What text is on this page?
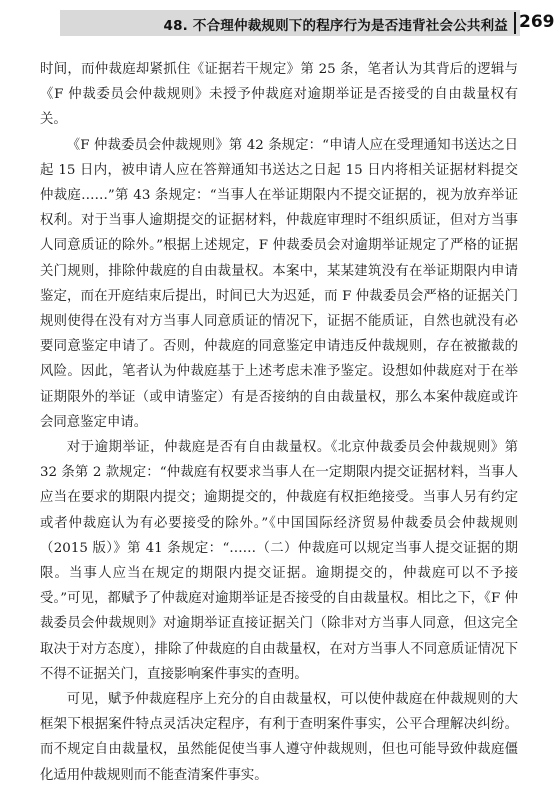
48. 不合理仲裁规则下的程序行为是否违背社会公共利益 269

时间，而仲裁庭却紧抓住《证据若干规定》第 25 条，笔者认为其背后的逻辑与《F 仲裁委员会仲裁规则》未授予仲裁庭对逾期举证是否接受的自由裁量权有关。

《F 仲裁委员会仲裁规则》第 42 条规定：“申请人应在受理通知书送达之日起 15 日内，被申请人应在答辩通知书送达之日起 15 日内将相关证据材料提交仲裁庭……”第 43 条规定：“当事人在举证期限内不提交证据的，视为放弃举证权利。对于当事人逾期提交的证据材料，仲裁庭审理时不组织质证，但对方当事人同意质证的除外。”根据上述规定，F 仲裁委员会对逾期举证规定了严格的证据关门规则，排除仲裁庭的自由裁量权。本案中，某某建筑没有在举证期限内申请鉴定，而在开庭结束后提出，时间已大为迟延，而 F 仲裁委员会严格的证据关门规则使得在没有对方当事人同意质证的情况下，证据不能质证，自然也就没有必要同意鉴定申请了。否则，仲裁庭的同意鉴定申请违反仲裁规则，存在被撤裁的风险。因此，笔者认为仲裁庭基于上述考虑未准予鉴定。设想如仲裁庭对于在举证期限外的举证（或申请鉴定）有是否接纳的自由裁量权，那么本案仲裁庭或许会同意鉴定申请。

对于逾期举证，仲裁庭是否有自由裁量权。《北京仲裁委员会仲裁规则》第 32 条第 2 款规定：“仲裁庭有权要求当事人在一定期限内提交证据材料，当事人应当在要求的期限内提交；逾期提交的，仲裁庭有权拒绝接受。当事人另有约定或者仲裁庭认为有必要接受的除外。”《中国国际经济贸易仲裁委员会仲裁规则（2015 版）》第 41 条规定：“……（二）仲裁庭可以规定当事人提交证据的期限。当事人应当在规定的期限内提交证据。逾期提交的，仲裁庭可以不予接受。”可见，都赋予了仲裁庭对逾期举证是否接受的自由裁量权。相比之下，《F 仲裁委员会仲裁规则》对逾期举证直接证据关门（除非对方当事人同意，但这完全取决于对方态度），排除了仲裁庭的自由裁量权，在对方当事人不同意质证情况下不得不证据关门，直接影响案件事实的查明。

可见，赋予仲裁庭程序上充分的自由裁量权，可以使仲裁庭在仲裁规则的大框架下根据案件特点灵活决定程序，有利于查明案件事实，公平合理解决纠纷。而不规定自由裁量权，虽然能促使当事人遵守仲裁规则，但也可能导致仲裁庭僵化适用仲裁规则而不能查清案件事实。
